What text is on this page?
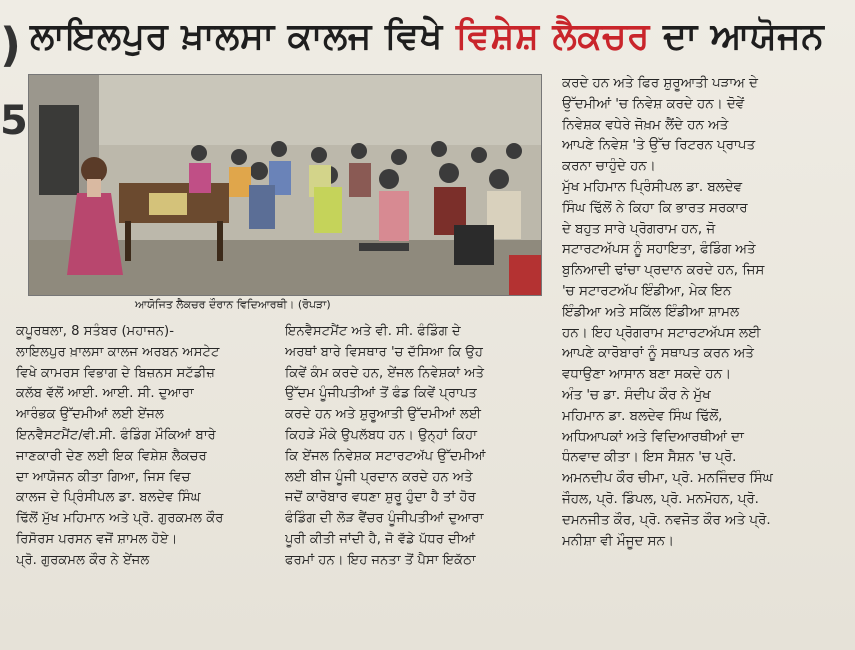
)
5
ਲਾਇਲਪੁਰ ਖ਼ਾਲਸਾ ਕਾਲਜ ਵਿਖੇ ਵਿਸ਼ੇਸ਼ ਲੈਕਚਰ ਦਾ ਆਯੋਜਨ
ਆਯੋਜਿਤ ਲੈਕਚਰ ਦੌਰਾਨ ਵਿਦਿਆਰਥੀ। (ਰੋਪੜਾ)
ਕਪੂਰਥਲਾ, 8 ਸਤੰਬਰ (ਮਹਾਜਨ)-
ਲਾਇਲਪੁਰ ਖ਼ਾਲਸਾ ਕਾਲਜ ਅਰਬਨ ਅਸਟੇਟ
ਵਿਖੇ ਕਾਮਰਸ ਵਿਭਾਗ ਦੇ ਬਿਜ਼ਨਸ ਸਟੱਡੀਜ਼
ਕਲੱਬ ਵੱਲੋਂ ਆਈ. ਆਈ. ਸੀ. ਦੁਆਰਾ
ਆਰੰਭਕ ਉੱਦਮੀਆਂ ਲਈ ਏਂਜਲ
ਇਨਵੈਸਟਮੈਂਟ/ਵੀ.ਸੀ. ਫੰਡਿੰਗ ਮੌਕਿਆਂ ਬਾਰੇ
ਜਾਣਕਾਰੀ ਦੇਣ ਲਈ ਇਕ ਵਿਸ਼ੇਸ਼ ਲੈਕਚਰ
ਦਾ ਆਯੋਜਨ ਕੀਤਾ ਗਿਆ, ਜਿਸ ਵਿਚ
ਕਾਲਜ ਦੇ ਪ੍ਰਿੰਸੀਪਲ ਡਾ. ਬਲਦੇਵ ਸਿੰਘ
ਢਿੱਲੋਂ ਮੁੱਖ ਮਹਿਮਾਨ ਅਤੇ ਪ੍ਰੋ. ਗੁਰਕਮਲ ਕੌਰ
ਰਿਸੋਰਸ ਪਰਸਨ ਵਜੋਂ ਸ਼ਾਮਲ ਹੋਏ।
ਪ੍ਰੋ. ਗੁਰਕਮਲ ਕੌਰ ਨੇ ਏਂਜਲ
ਇਨਵੈਸਟਮੈਂਟ ਅਤੇ ਵੀ. ਸੀ. ਫੰਡਿੰਗ ਦੇ
ਅਰਥਾਂ ਬਾਰੇ ਵਿਸਥਾਰ 'ਚ ਦੱਸਿਆ ਕਿ ਉਹ
ਕਿਵੇਂ ਕੰਮ ਕਰਦੇ ਹਨ, ਏਂਜਲ ਨਿਵੇਸ਼ਕਾਂ ਅਤੇ
ਉੱਦਮ ਪੂੰਜੀਪਤੀਆਂ ਤੋਂ ਫੰਡ ਕਿਵੇਂ ਪ੍ਰਾਪਤ
ਕਰਦੇ ਹਨ ਅਤੇ ਸ਼ੁਰੂਆਤੀ ਉੱਦਮੀਆਂ ਲਈ
ਕਿਹੜੇ ਮੌਕੇ ਉਪਲੱਬਧ ਹਨ। ਉਨ੍ਹਾਂ ਕਿਹਾ
ਕਿ ਏਂਜਲ ਨਿਵੇਸ਼ਕ ਸਟਾਰਟਅੱਪ ਉੱਦਮੀਆਂ
ਲਈ ਬੀਜ ਪੂੰਜੀ ਪ੍ਰਦਾਨ ਕਰਦੇ ਹਨ ਅਤੇ
ਜਦੋਂ ਕਾਰੋਬਾਰ ਵਧਣਾ ਸ਼ੁਰੂ ਹੁੰਦਾ ਹੈ ਤਾਂ ਹੋਰ
ਫੰਡਿੰਗ ਦੀ ਲੋੜ ਵੈਂਚਰ ਪੂੰਜੀਪਤੀਆਂ ਦੁਆਰਾ
ਪੂਰੀ ਕੀਤੀ ਜਾਂਦੀ ਹੈ, ਜੋ ਵੱਡੇ ਪੱਧਰ ਦੀਆਂ
ਫਰਮਾਂ ਹਨ। ਇਹ ਜਨਤਾ ਤੋਂ ਪੈਸਾ ਇਕੱਠਾ
ਕਰਦੇ ਹਨ ਅਤੇ ਫਿਰ ਸ਼ੁਰੂਆਤੀ ਪੜਾਅ ਦੇ
ਉੱਦਮੀਆਂ 'ਚ ਨਿਵੇਸ਼ ਕਰਦੇ ਹਨ। ਦੋਵੇਂ
ਨਿਵੇਸ਼ਕ ਵਧੇਰੇ ਜੋਖ਼ਮ ਲੈਂਦੇ ਹਨ ਅਤੇ
ਆਪਣੇ ਨਿਵੇਸ਼ 'ਤੇ ਉੱਚ ਰਿਟਰਨ ਪ੍ਰਾਪਤ
ਕਰਨਾ ਚਾਹੁੰਦੇ ਹਨ।
ਮੁੱਖ ਮਹਿਮਾਨ ਪ੍ਰਿੰਸੀਪਲ ਡਾ. ਬਲਦੇਵ
ਸਿੰਘ ਢਿੱਲੋਂ ਨੇ ਕਿਹਾ ਕਿ ਭਾਰਤ ਸਰਕਾਰ
ਦੇ ਬਹੁਤ ਸਾਰੇ ਪ੍ਰੋਗਰਾਮ ਹਨ, ਜੋ
ਸਟਾਰਟਅੱਪਸ ਨੂੰ ਸਹਾਇਤਾ, ਫੰਡਿੰਗ ਅਤੇ
ਬੁਨਿਆਦੀ ਢਾਂਚਾ ਪ੍ਰਦਾਨ ਕਰਦੇ ਹਨ, ਜਿਸ
'ਚ ਸਟਾਰਟਅੱਪ ਇੰਡੀਆ, ਮੇਕ ਇਨ
ਇੰਡੀਆ ਅਤੇ ਸਕਿੱਲ ਇੰਡੀਆ ਸ਼ਾਮਲ
ਹਨ। ਇਹ ਪ੍ਰੋਗਰਾਮ ਸਟਾਰਟਅੱਪਸ ਲਈ
ਆਪਣੇ ਕਾਰੋਬਾਰਾਂ ਨੂੰ ਸਥਾਪਤ ਕਰਨ ਅਤੇ
ਵਧਾਉਣਾ ਆਸਾਨ ਬਣਾ ਸਕਦੇ ਹਨ।
ਅੰਤ 'ਚ ਡਾ. ਸੰਦੀਪ ਕੌਰ ਨੇ ਮੁੱਖ
ਮਹਿਮਾਨ ਡਾ. ਬਲਦੇਵ ਸਿੰਘ ਢਿੱਲੋਂ,
ਅਧਿਆਪਕਾਂ ਅਤੇ ਵਿਦਿਆਰਥੀਆਂ ਦਾ
ਧੰਨਵਾਦ ਕੀਤਾ। ਇਸ ਸੈਸ਼ਨ 'ਚ ਪ੍ਰੋ.
ਅਮਨਦੀਪ ਕੌਰ ਚੀਮਾ, ਪ੍ਰੋ. ਮਨਜਿੰਦਰ ਸਿੰਘ
ਜੌਹਲ, ਪ੍ਰੋ. ਡਿੰਪਲ, ਪ੍ਰੋ. ਮਨਮੋਹਨ, ਪ੍ਰੋ.
ਦਮਨਜੀਤ ਕੌਰ, ਪ੍ਰੋ. ਨਵਜੋਤ ਕੌਰ ਅਤੇ ਪ੍ਰੋ.
ਮਨੀਸ਼ਾ ਵੀ ਮੌਜੂਦ ਸਨ।
